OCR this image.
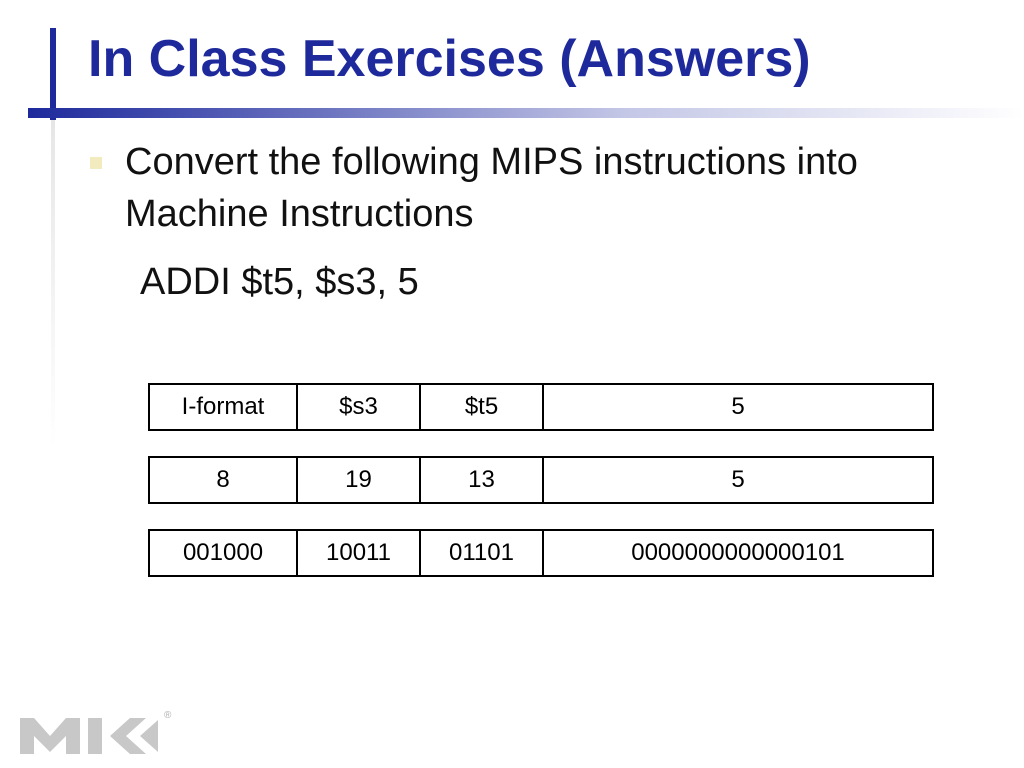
In Class Exercises (Answers)
Convert the following MIPS instructions into Machine Instructions
ADDI $t5, $s3, 5
I-format	$s3	$t5	5
8	19	13	5
001000	10011	01101	0000000000000101
®
